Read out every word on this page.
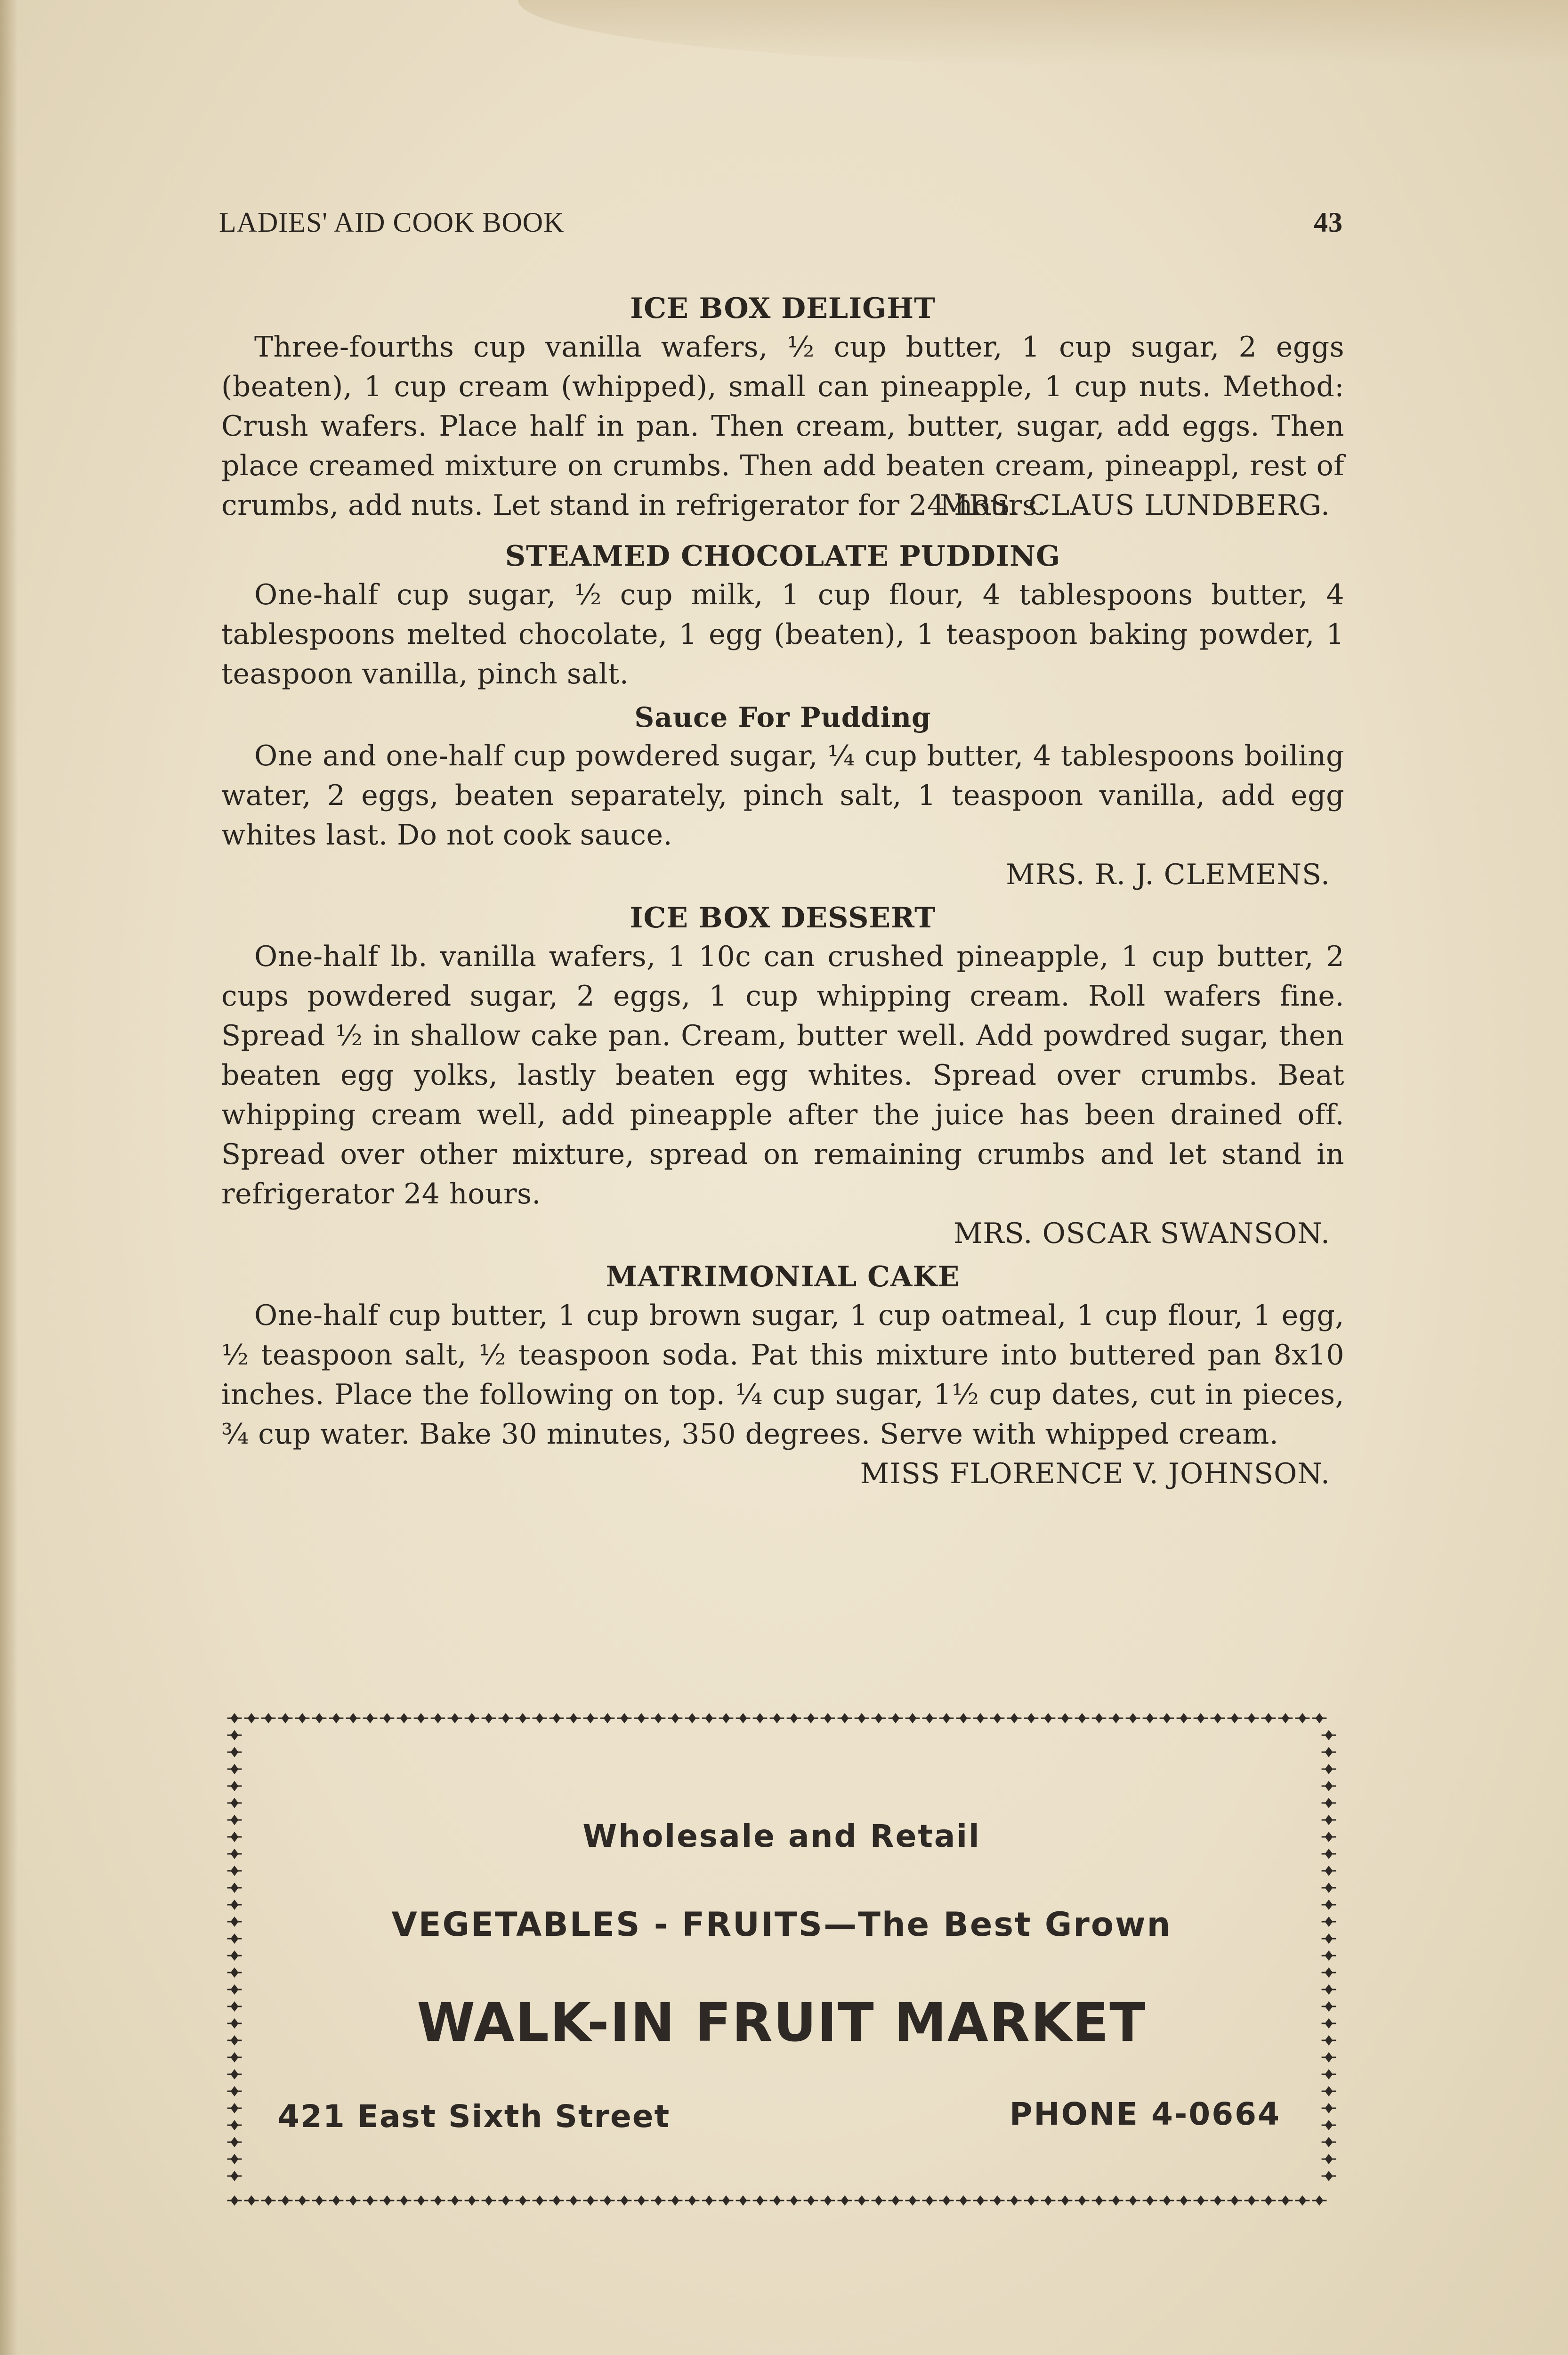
LADIES' AID COOK BOOK	43
ICE BOX DELIGHT

Three-fourths cup vanilla wafers, ½ cup butter, 1 cup sugar, 2 eggs (beaten), 1 cup cream (whipped), small can pineapple, 1 cup nuts. Method: Crush wafers. Place half in pan. Then cream, butter, sugar, add eggs. Then place creamed mixture on crumbs. Then add beaten cream, pineappl, rest of crumbs, add nuts. Let stand in refrigerator for 24 hours.

MRS. CLAUS LUNDBERG.

STEAMED CHOCOLATE PUDDING

One-half cup sugar, ½ cup milk, 1 cup flour, 4 tablespoons butter, 4 tablespoons melted chocolate, 1 egg (beaten), 1 teaspoon baking powder, 1 teaspoon vanilla, pinch salt.

Sauce For Pudding

One and one-half cup powdered sugar, ¼ cup butter, 4 tablespoons boiling water, 2 eggs, beaten separately, pinch salt, 1 teaspoon vanilla, add egg whites last. Do not cook sauce.

MRS. R. J. CLEMENS.

ICE BOX DESSERT

One-half lb. vanilla wafers, 1 10c can crushed pineapple, 1 cup butter, 2 cups powdered sugar, 2 eggs, 1 cup whipping cream. Roll wafers fine. Spread ½ in shallow cake pan. Cream, butter well. Add powdred sugar, then beaten egg yolks, lastly beaten egg whites. Spread over crumbs. Beat whipping cream well, add pineapple after the juice has been drained off. Spread over other mixture, spread on remaining crumbs and let stand in refrigerator 24 hours.

MRS. OSCAR SWANSON.

MATRIMONIAL CAKE

One-half cup butter, 1 cup brown sugar, 1 cup oatmeal, 1 cup flour, 1 egg, ½ teaspoon salt, ½ teaspoon soda. Pat this mixture into buttered pan 8x10 inches. Place the following on top. ¼ cup sugar, 1½ cup dates, cut in pieces, ¾ cup water. Bake 30 minutes, 350 degrees. Serve with whipped cream.

MISS FLORENCE V. JOHNSON.

Wholesale and Retail
VEGETABLES - FRUITS—The Best Grown
WALK-IN FRUIT MARKET
421 East Sixth Street	PHONE 4-0664
